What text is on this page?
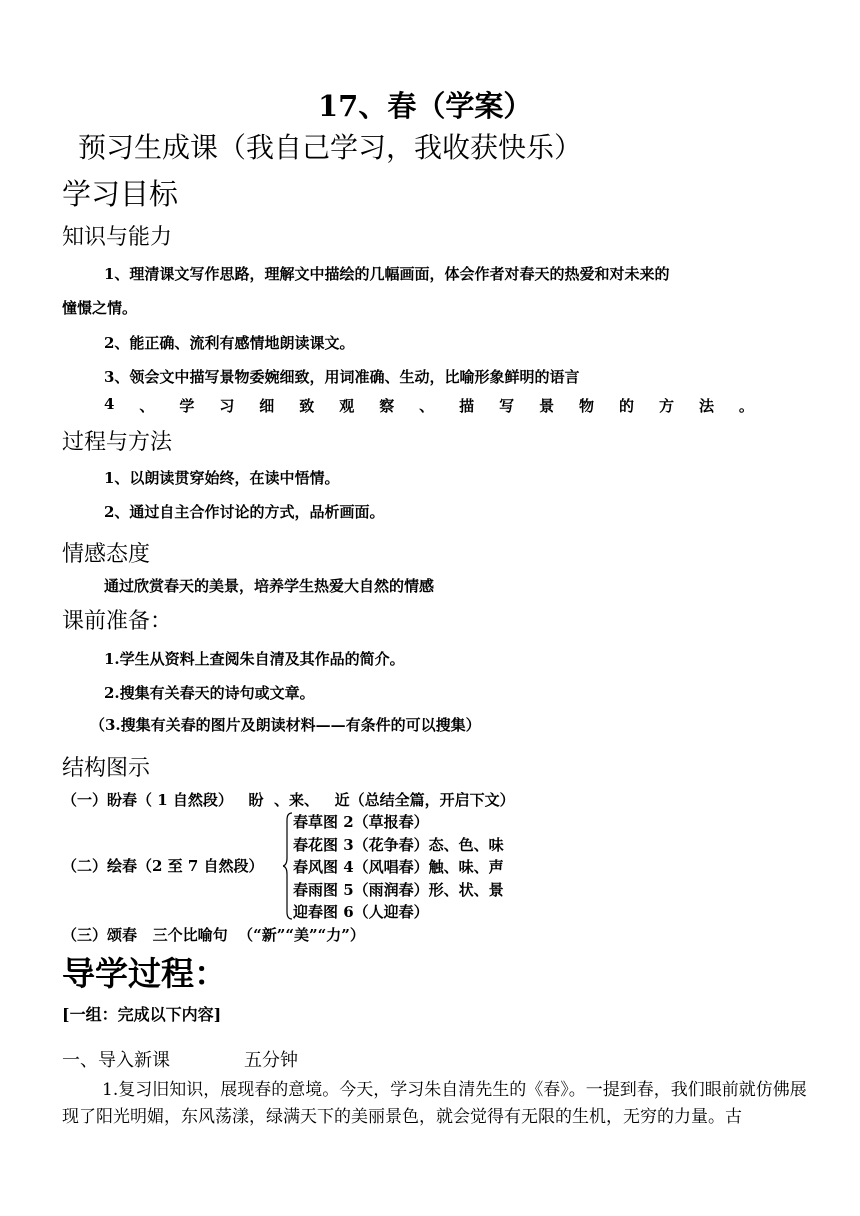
17、春（学案）
预习生成课（我自己学习，我收获快乐）
学习目标
知识与能力
1、理清课文写作思路，理解文中描绘的几幅画面，体会作者对春天的热爱和对未来的
憧憬之情。
2、能正确、流利有感情地朗读课文。
3、领会文中描写景物委婉细致，用词准确、生动，比喻形象鲜明的语言
4 、 学 习 细 致 观 察 、 描 写 景 物 的 方 法 。
过程与方法
1、以朗读贯穿始终，在读中悟情。
2、通过自主合作讨论的方式，品析画面。
情感态度
通过欣赏春天的美景，培养学生热爱大自然的情感
课前准备：
1.学生从资料上查阅朱自清及其作品的简介。
2.搜集有关春天的诗句或文章。
（3.搜集有关春的图片及朗读材料——有条件的可以搜集）
结构图示
（一）盼春（ 1 自然段）   盼  、来、   近（总结全篇，开启下文）
（二）绘春（2 至 7 自然段）
春草图 2（草报春）
春花图 3（花争春）态、色、味
春风图 4（风唱春）触、味、声
春雨图 5（雨润春）形、状、景
迎春图 6（人迎春）
（三）颂春   三个比喻句  （“新”“美”“力”）
导学过程：
[一组：完成以下内容]
一、导入新课	五分钟
1.复习旧知识，展现春的意境。今天，学习朱自清先生的《春》。一提到春，我们眼前就仿佛展现了阳光明媚，东风荡漾，绿满天下的美丽景色，就会觉得有无限的生机，无穷的力量。古
